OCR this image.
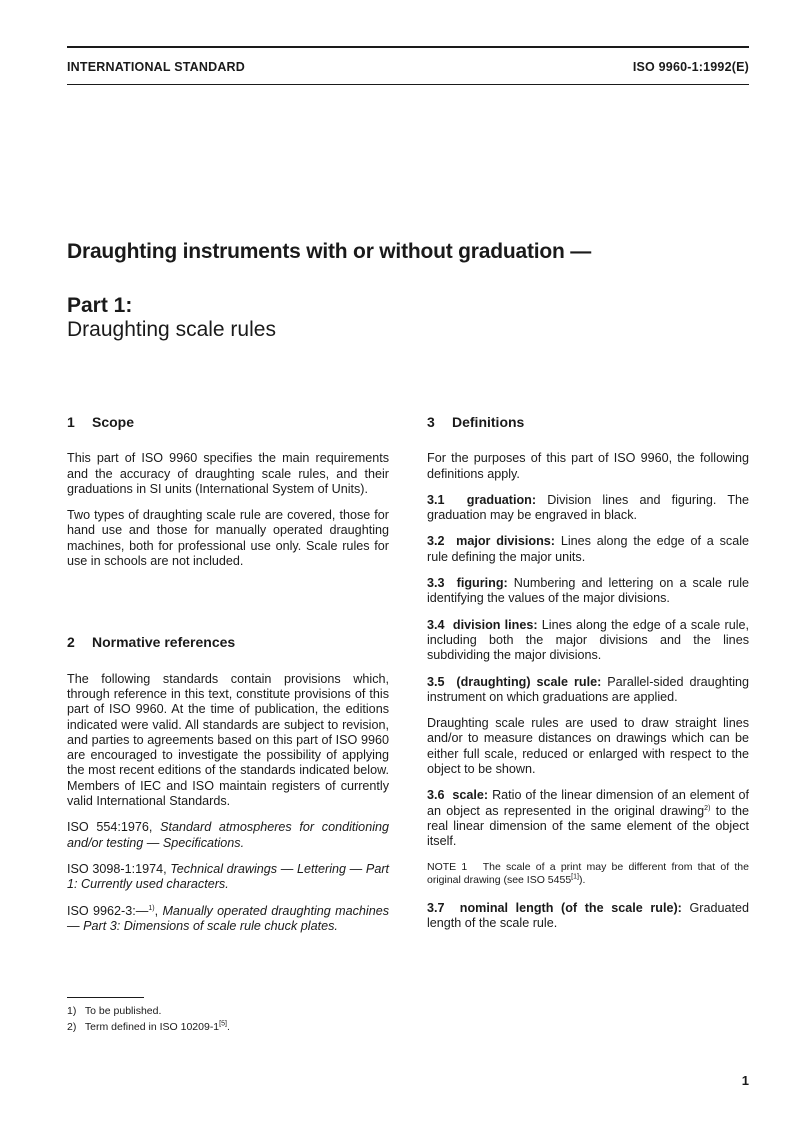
INTERNATIONAL STANDARD	ISO 9960-1:1992(E)
Draughting instruments with or without graduation —
Part 1:
Draughting scale rules
1 Scope

This part of ISO 9960 specifies the main requirements and the accuracy of draughting scale rules, and their graduations in SI units (International System of Units).

Two types of draughting scale rule are covered, those for hand use and those for manually operated draughting machines, both for professional use only. Scale rules for use in schools are not included.

2 Normative references

The following standards contain provisions which, through reference in this text, constitute provisions of this part of ISO 9960. At the time of publication, the editions indicated were valid. All standards are subject to revision, and parties to agreements based on this part of ISO 9960 are encouraged to investigate the possibility of applying the most recent editions of the standards indicated below. Members of IEC and ISO maintain registers of currently valid International Standards.

ISO 554:1976, Standard atmospheres for conditioning and/or testing — Specifications.

ISO 3098-1:1974, Technical drawings — Lettering — Part 1: Currently used characters.

ISO 9962-3:—$^{1)}$, Manually operated draughting machines — Part 3: Dimensions of scale rule chuck plates.

3 Definitions

For the purposes of this part of ISO 9960, the following definitions apply.

3.1 graduation: Division lines and figuring. The graduation may be engraved in black.

3.2 major divisions: Lines along the edge of a scale rule defining the major units.

3.3 figuring: Numbering and lettering on a scale rule identifying the values of the major divisions.

3.4 division lines: Lines along the edge of a scale rule, including both the major divisions and the lines subdividing the major divisions.

3.5 (draughting) scale rule: Parallel-sided draughting instrument on which graduations are applied.

Draughting scale rules are used to draw straight lines and/or to measure distances on drawings which can be either full scale, reduced or enlarged with respect to the object to be shown.

3.6 scale: Ratio of the linear dimension of an element of an object as represented in the original drawing$^{2)}$ to the real linear dimension of the same element of the object itself.

NOTE 1 The scale of a print may be different from that of the original drawing (see ISO 5455[1]).

3.7 nominal length (of the scale rule): Graduated length of the scale rule.

1) To be published.
2) Term defined in ISO 10209-1[5].
1
